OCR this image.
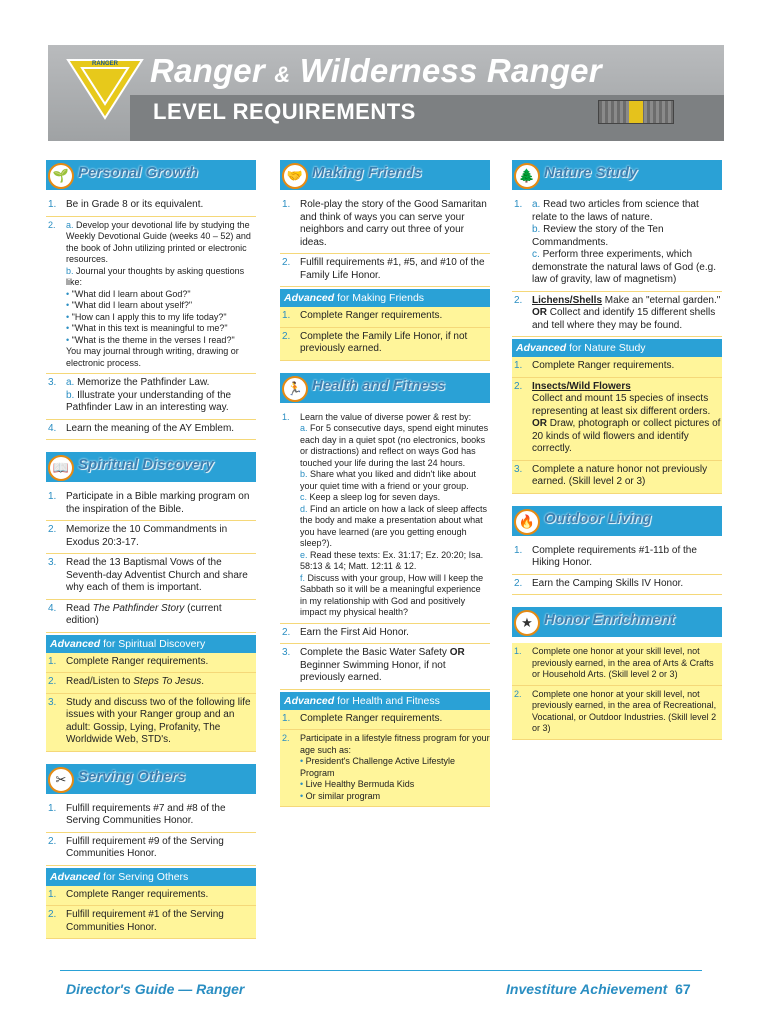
RANGER Ranger & Wilderness Ranger
LEVEL REQUIREMENTS
🌱 Personal Growth
1. Be in Grade 8 or its equivalent.
2.	a. Develop your devotional life by studying the Weekly Devotional Guide (weeks 40 – 52) and the book of John utilizing printed or electronic resources.
b. Journal your thoughts by asking questions like:
• "What did I learn about God?"
• "What did I learn about yself?"
• "How can I apply this to my life today?"
• "What in this text is meaningful to me?"
• "What is the theme in the verses I read?"
You may journal through writing, drawing or electronic process.
3. a. Memorize the Pathfinder Law.
b. Illustrate your understanding of the Pathfinder Law in an interesting way.
4. Learn the meaning of the AY Emblem.
📖 Spiritual Discovery
1. Participate in a Bible marking program on the inspiration of the Bible.
2. Memorize the 10 Commandments in Exodus 20:3-17.
3. Read the 13 Baptismal Vows of the Seventh-day Adventist Church and share why each of them is important.
4. Read The Pathfinder Story (current edition)
Advanced for Spiritual Discovery
1. Complete Ranger requirements.
2. Read/Listen to Steps To Jesus.
3. Study and discuss two of the following life issues with your Ranger group and an adult: Gossip, Lying, Profanity, The Worldwide Web, STD's.
✂ Serving Others
1. Fulfill requirements #7 and #8 of the Serving Communities Honor.
2. Fulfill requirement #9 of the Serving Communities Honor.
Advanced for Serving Others
1. Complete Ranger requirements.
2. Fulfill requirement #1 of the Serving Communities Honor.
🤝 Making Friends
1. Role-play the story of the Good Samaritan and think of ways you can serve your neighbors and carry out three of your ideas.
2. Fulfill requirements #1, #5, and #10 of the Family Life Honor.
Advanced for Making Friends
1. Complete Ranger requirements.
2. Complete the Family Life Honor, if not previously earned.
🏃 Health and Fitness
1.	Learn the value of diverse power & rest by:
a. For 5 consecutive days, spend eight minutes each day in a quiet spot (no electronics, books or distractions) and reflect on ways God has touched your life during the last 24 hours.
b. Share what you liked and didn't like about your quiet time with a friend or your group.
c. Keep a sleep log for seven days.
d. Find an article on how a lack of sleep affects the body and make a presentation about what you have learned (are you getting enough sleep?).
e. Read these texts: Ex. 31:17; Ez. 20:20; Isa. 58:13 & 14; Matt. 12:11 & 12.
f. Discuss with your group, How will I keep the Sabbath so it will be a meaningful experience in my relationship with God and positively impact my physical health?
2. Earn the First Aid Honor.
3. Complete the Basic Water Safety OR Beginner Swimming Honor, if not previously earned.
Advanced for Health and Fitness
1. Complete Ranger requirements.
2.	Participate in a lifestyle fitness program for your age such as:
• President's Challenge Active Lifestyle Program
• Live Healthy Bermuda Kids
• Or similar program
🌲 Nature Study
1. a. Read two articles from science that relate to the laws of nature.
b. Review the story of the Ten Commandments.
c. Perform three experiments, which demonstrate the natural laws of God (e.g. law of gravity, law of magnetism)
2. Lichens/Shells Make an "eternal garden." OR Collect and identify 15 different shells and tell where they may be found.
Advanced for Nature Study
1. Complete Ranger requirements.
2. Insects/Wild Flowers
Collect and mount 15 species of insects representing at least six different orders. OR Draw, photograph or collect pictures of 20 kinds of wild flowers and identify correctly.
3. Complete a nature honor not previously earned. (Skill level 2 or 3)
🔥 Outdoor Living
1. Complete requirements #1-11b of the Hiking Honor.
2. Earn the Camping Skills IV Honor.
★ Honor Enrichment
1.	Complete one honor at your skill level, not previously earned, in the area of Arts & Crafts or Household Arts. (Skill level 2 or 3)
2.	Complete one honor at your skill level, not previously earned, in the area of Recreational, Vocational, or Outdoor Industries. (Skill level 2 or 3)
Director's Guide — Ranger	Investiture Achievement 67
